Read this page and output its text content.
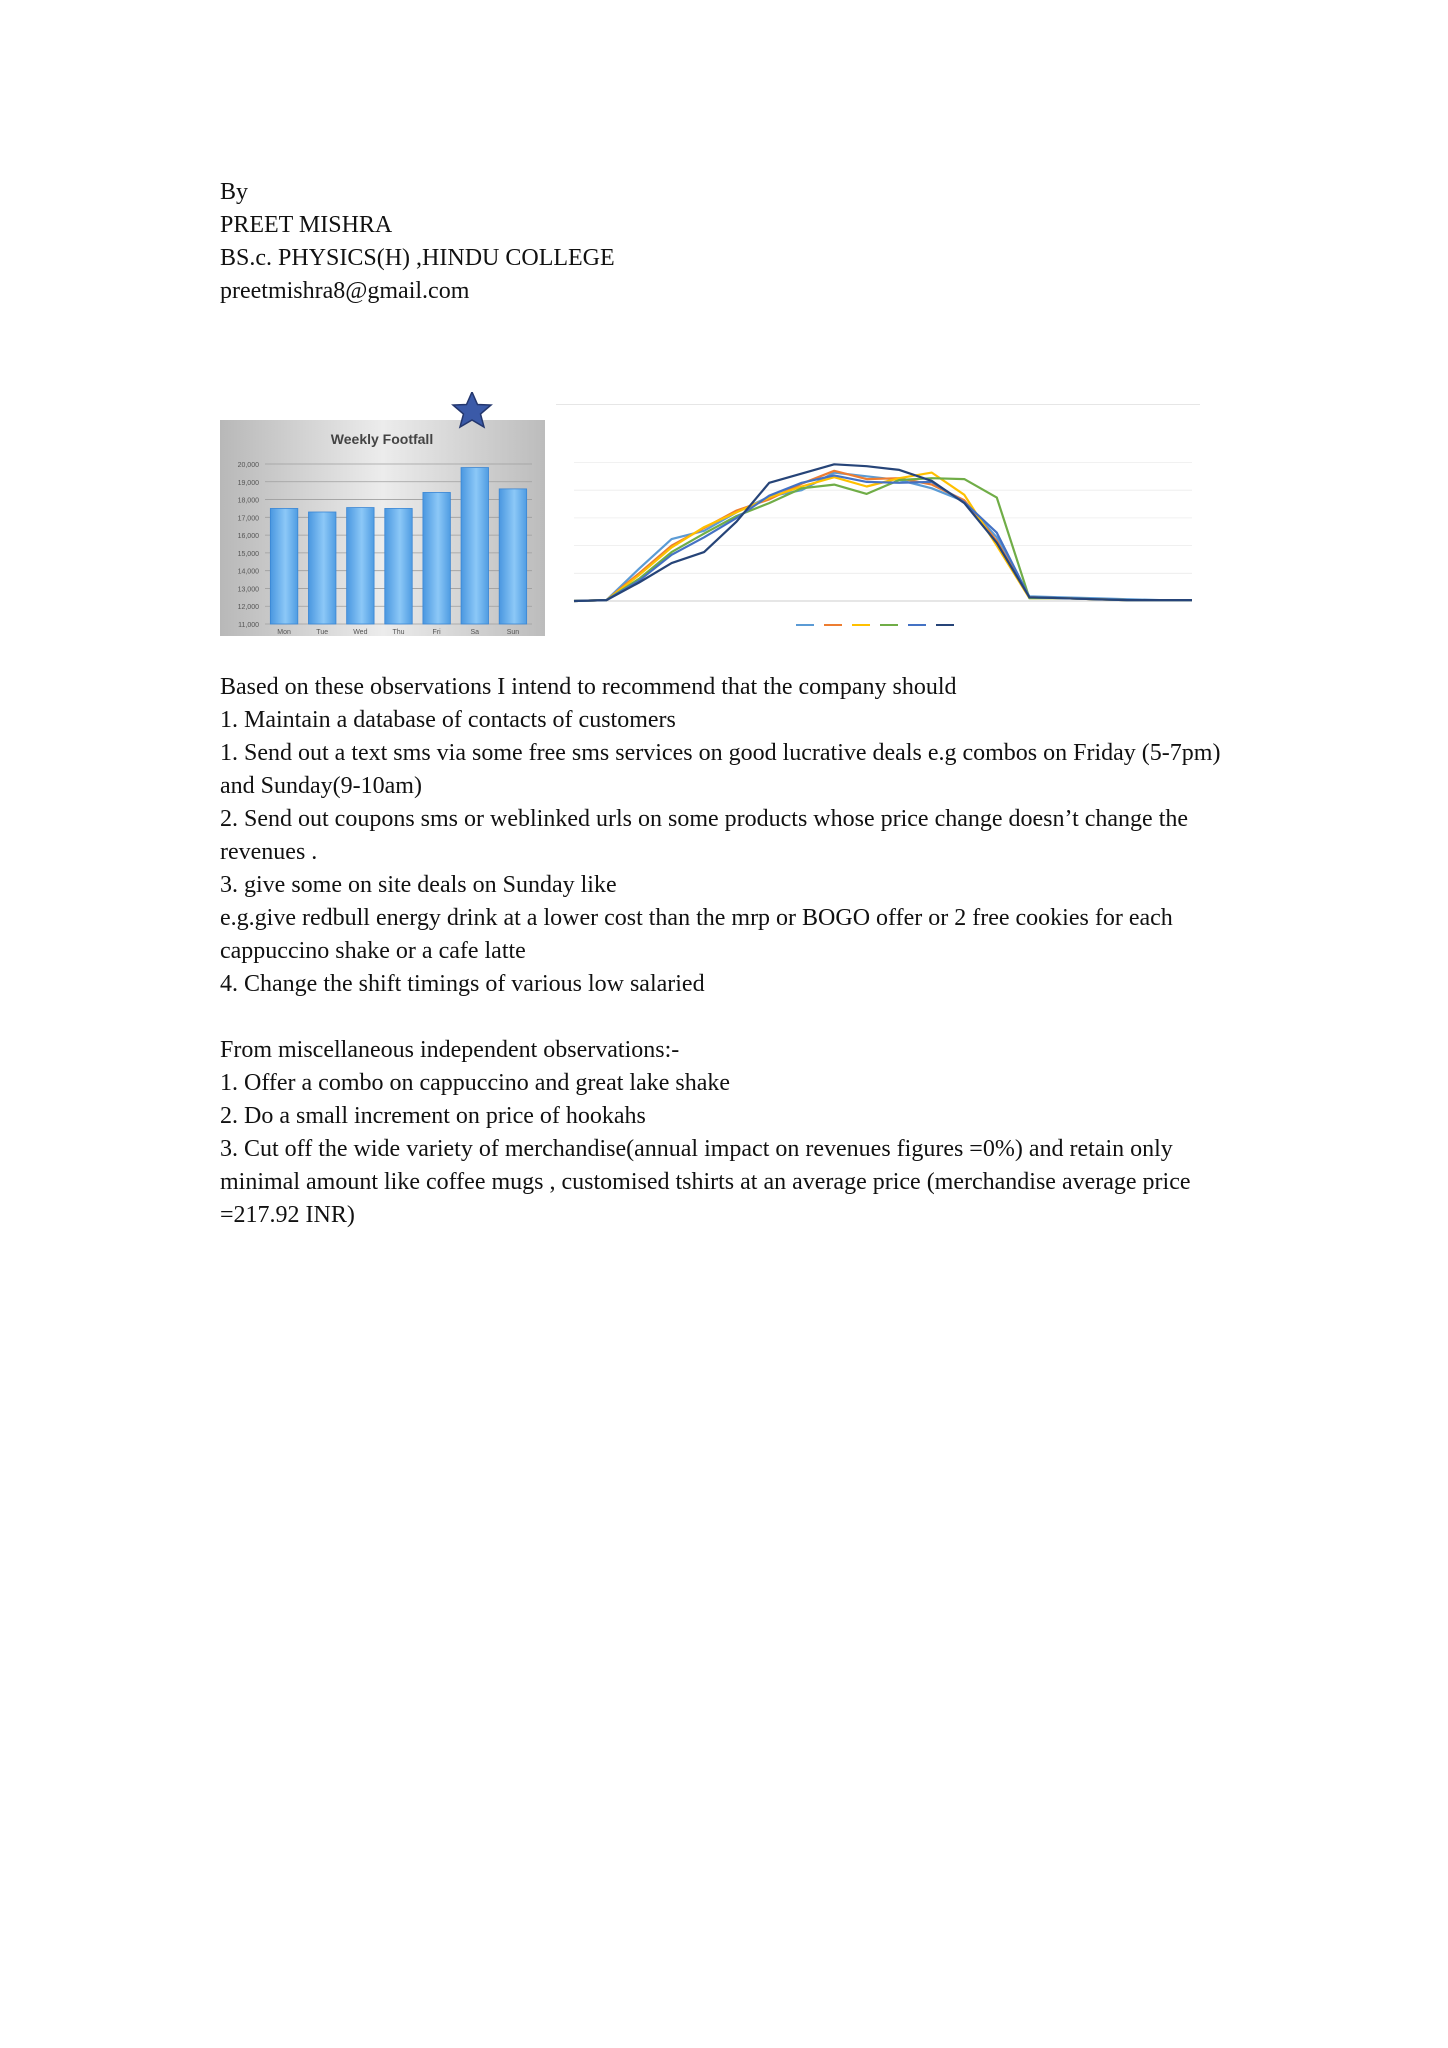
By
PREET MISHRA
BS.c. PHYSICS(H) ,HINDU COLLEGE
preetmishra8@gmail.com
Weekly Footfall
11,000
12,000
13,000
14,000
15,000
16,000
17,000
18,000
19,000
20,000
Mon	Tue	Wed	Thu	Fri	Sa	Sun

Based on these observations I intend to recommend that the company should

1. Maintain a database of contacts of customers

1. Send out a text sms via some free sms services on good lucrative deals e.g combos on Friday (5-7pm) and Sunday(9-10am)

2. Send out coupons sms or weblinked urls on some products whose price change doesn’t change the revenues .

3. give some on site deals on Sunday like

e.g.give redbull energy drink at a lower cost than the mrp or BOGO offer or 2 free cookies for each cappuccino shake or a cafe latte

4. Change the shift timings of various low salaried

From miscellaneous independent observations:-

1. Offer a combo on cappuccino and great lake shake

2. Do a small increment on price of hookahs

3. Cut off the wide variety of merchandise(annual impact on revenues figures =0%) and retain only minimal amount like coffee mugs , customised tshirts at an average price (merchandise average price =217.92 INR)
